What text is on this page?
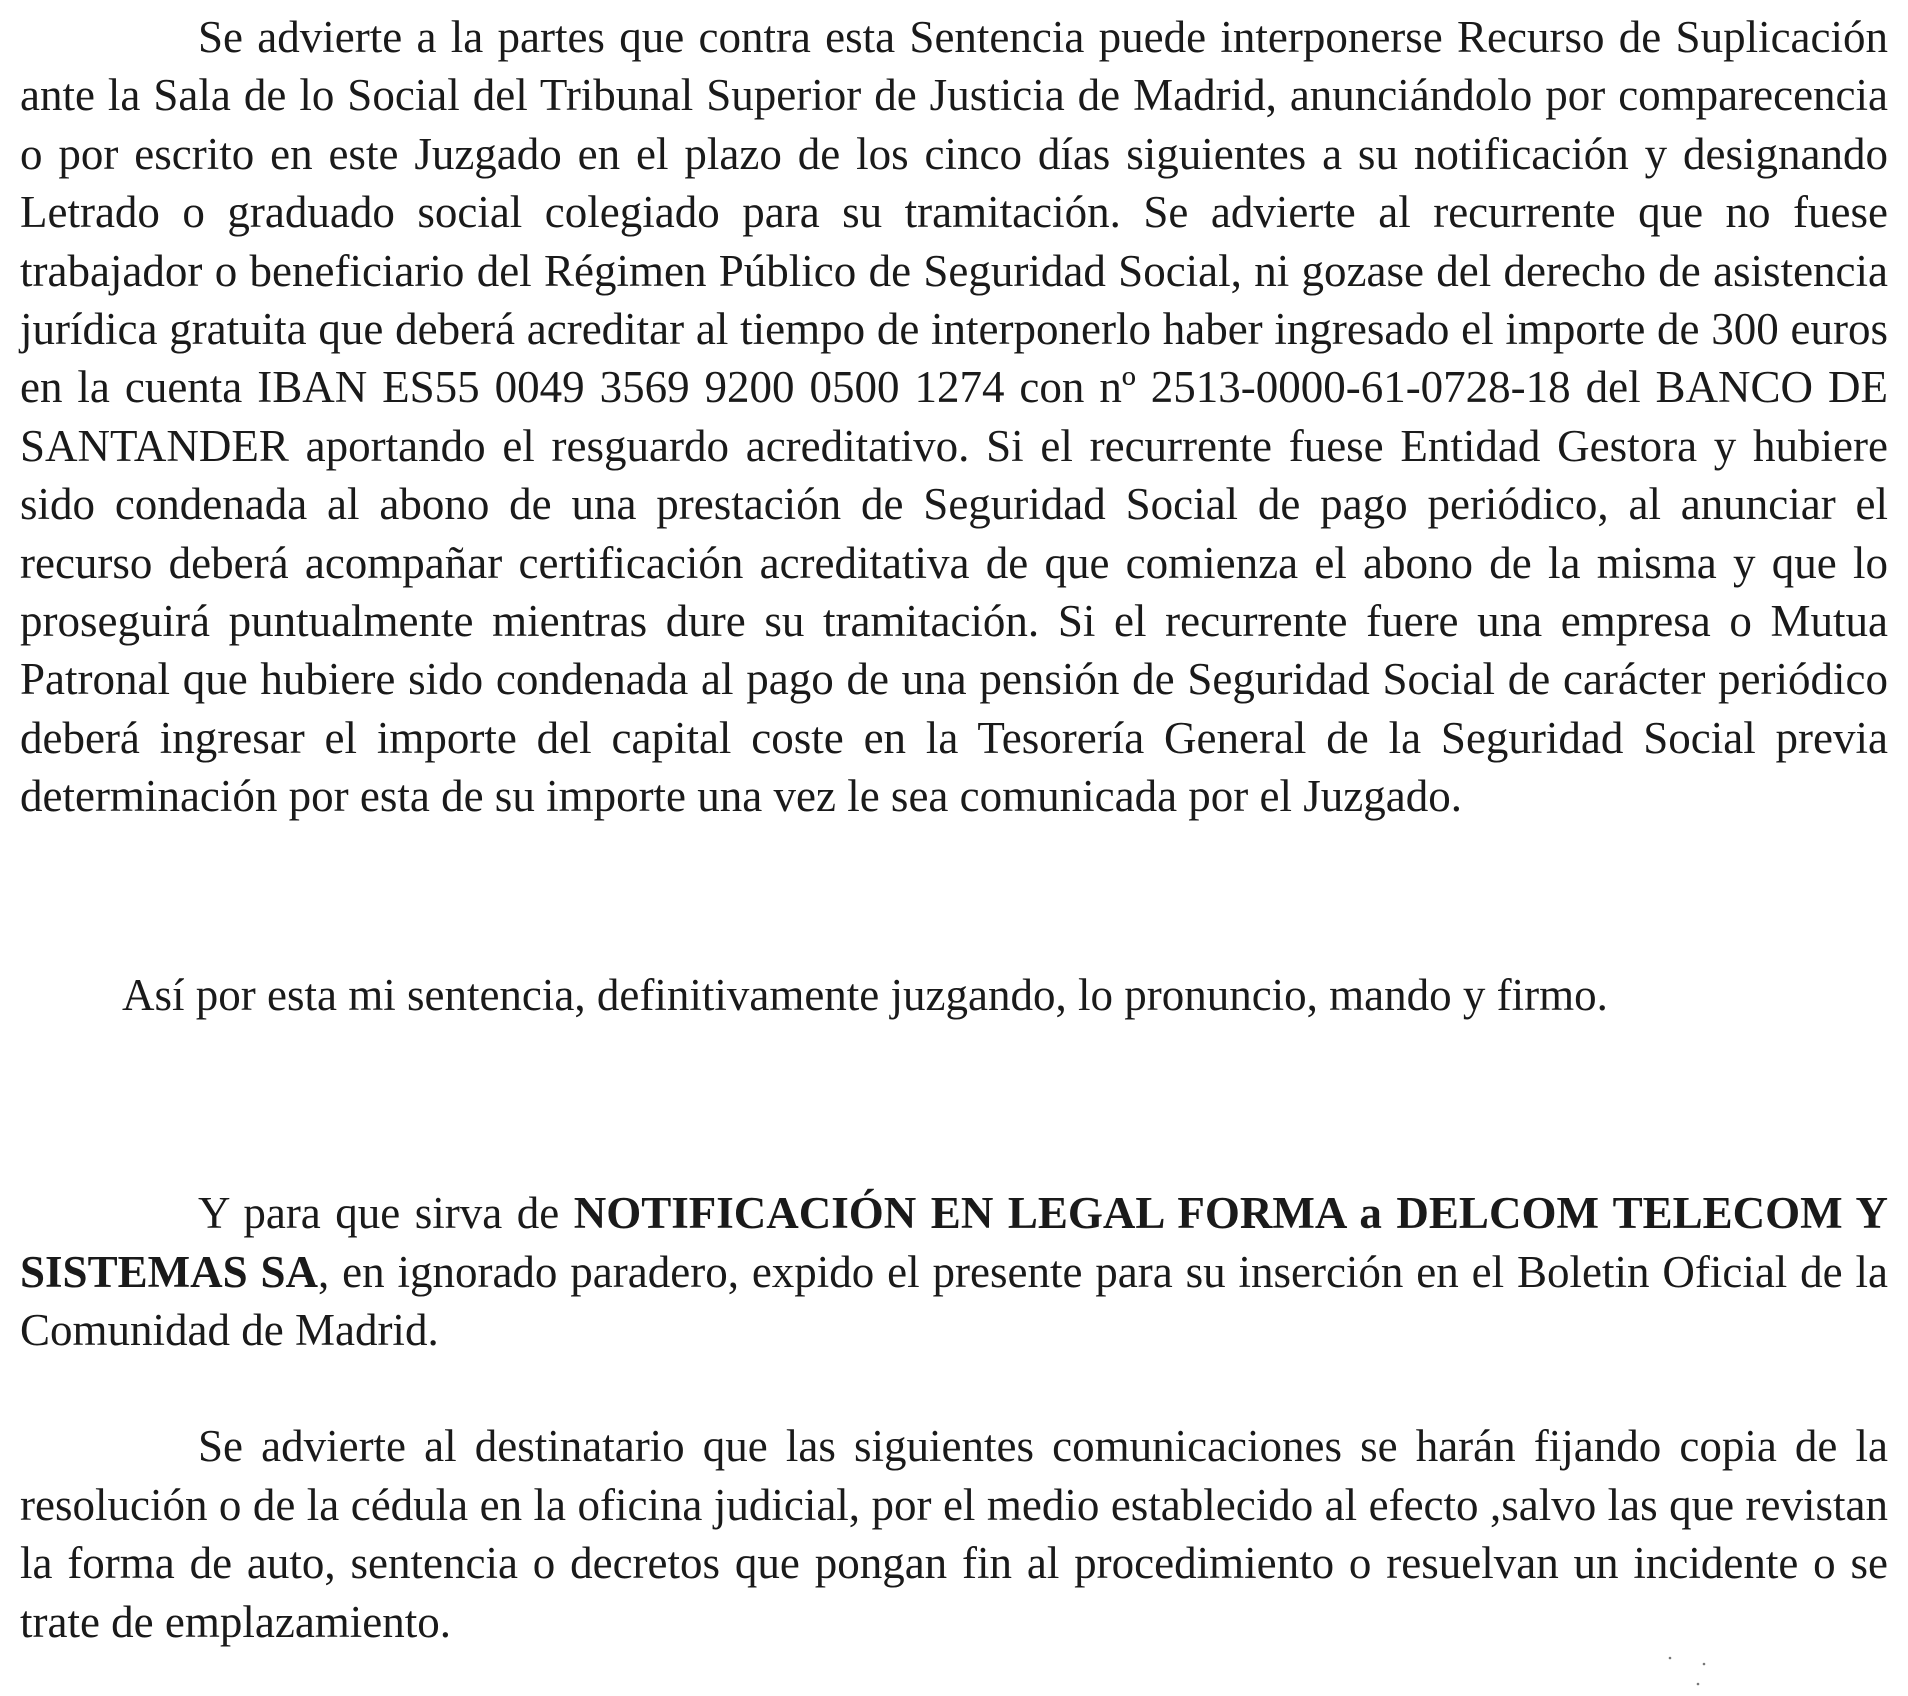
Se advierte a la partes que contra esta Sentencia puede interponerse Recurso de Suplicación ante la Sala de lo Social del Tribunal Superior de Justicia de Madrid, anunciándolo por comparecencia o por escrito en este Juzgado en el plazo de los cinco días siguientes a su notificación y designando Letrado o graduado social colegiado para su tramitación. Se advierte al recurrente que no fuese trabajador o beneficiario del Régimen Público de Seguridad Social, ni gozase del derecho de asistencia jurídica gratuita que deberá acreditar al tiempo de interponerlo haber ingresado el importe de 300 euros en la cuenta IBAN ES55 0049 3569 9200 0500 1274 con nº 2513-0000-61-0728-18 del BANCO DE SANTANDER aportando el resguardo acreditativo. Si el recurrente fuese Entidad Gestora y hubiere sido condenada al abono de una prestación de Seguridad Social de pago periódico, al anunciar el recurso deberá acompañar certificación acreditativa de que comienza el abono de la misma y que lo proseguirá puntualmente mientras dure su tramitación. Si el recurrente fuere una empresa o Mutua Patronal que hubiere sido condenada al pago de una pensión de Seguridad Social de carácter periódico deberá ingresar el importe del capital coste en la Tesorería General de la Seguridad Social previa determinación por esta de su importe una vez le sea comunicada por el Juzgado.

Así por esta mi sentencia, definitivamente juzgando, lo pronuncio, mando y firmo.

Y para que sirva de NOTIFICACIÓN EN LEGAL FORMA a DELCOM TELECOM Y SISTEMAS SA, en ignorado paradero, expido el presente para su inserción en el Boletin Oficial de la Comunidad de Madrid.

Se advierte al destinatario que las siguientes comunicaciones se harán fijando copia de la resolución o de la cédula en la oficina judicial, por el medio establecido al efecto ,salvo las que revistan la forma de auto, sentencia o decretos que pongan fin al procedimiento o resuelvan un incidente o se trate de emplazamiento.
